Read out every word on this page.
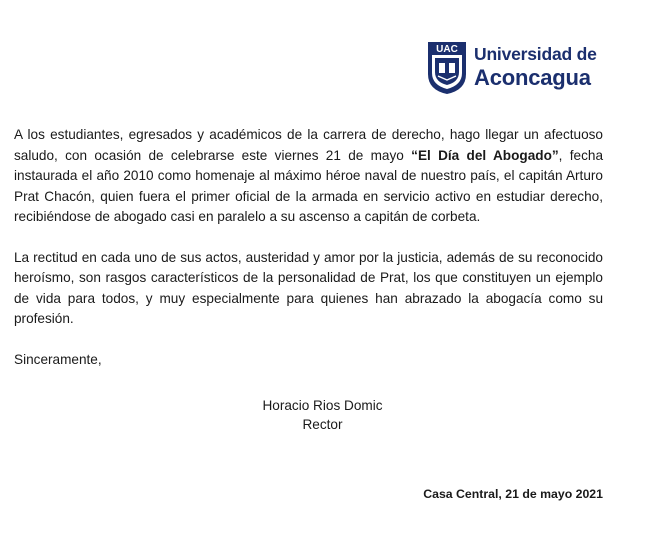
UAC Universidad de
Aconcagua

A los estudiantes, egresados y académicos de la carrera de derecho, hago llegar un afectuoso saludo, con ocasión de celebrarse este viernes 21 de mayo “El Día del Abogado”, fecha instaurada el año 2010 como homenaje al máximo héroe naval de nuestro país, el capitán Arturo Prat Chacón, quien fuera el primer oficial de la armada en servicio activo en estudiar derecho, recibiéndose de abogado casi en paralelo a su ascenso a capitán de corbeta.

La rectitud en cada uno de sus actos, austeridad y amor por la justicia, además de su reconocido heroísmo, son rasgos característicos de la personalidad de Prat, los que constituyen un ejemplo de vida para todos, y muy especialmente para quienes han abrazado la abogacía como su profesión.

Sinceramente,

Horacio Rios Domic
Rector
Casa Central, 21 de mayo 2021
